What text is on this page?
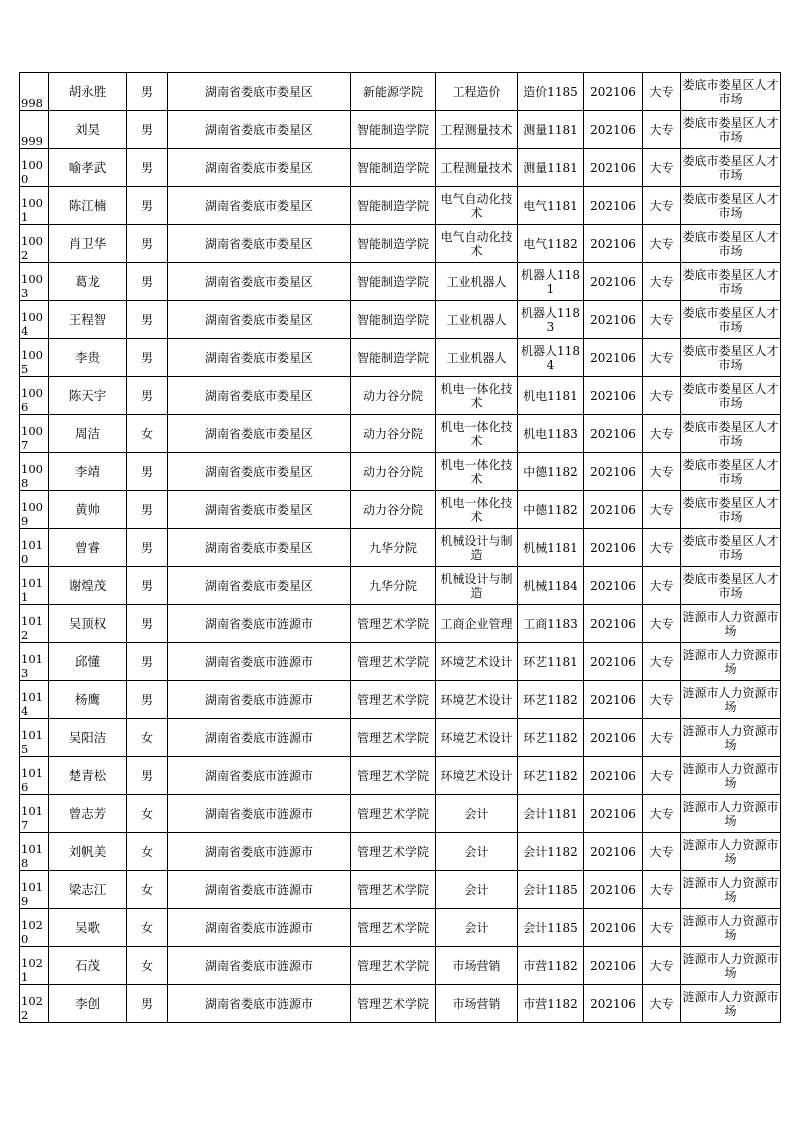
998	胡永胜	男	湖南省娄底市娄星区	新能源学院	工程造价	造价1185	202106	大专	娄底市娄星区人才市场
999	刘昊	男	湖南省娄底市娄星区	智能制造学院	工程测量技术	测量1181	202106	大专	娄底市娄星区人才市场
1000	喻孝武	男	湖南省娄底市娄星区	智能制造学院	工程测量技术	测量1181	202106	大专	娄底市娄星区人才市场
1001	陈江楠	男	湖南省娄底市娄星区	智能制造学院	电气自动化技术	电气1181	202106	大专	娄底市娄星区人才市场
1002	肖卫华	男	湖南省娄底市娄星区	智能制造学院	电气自动化技术	电气1182	202106	大专	娄底市娄星区人才市场
1003	葛龙	男	湖南省娄底市娄星区	智能制造学院	工业机器人	机器人1181	202106	大专	娄底市娄星区人才市场
1004	王程智	男	湖南省娄底市娄星区	智能制造学院	工业机器人	机器人1183	202106	大专	娄底市娄星区人才市场
1005	李贵	男	湖南省娄底市娄星区	智能制造学院	工业机器人	机器人1184	202106	大专	娄底市娄星区人才市场
1006	陈天宇	男	湖南省娄底市娄星区	动力谷分院	机电一体化技术	机电1181	202106	大专	娄底市娄星区人才市场
1007	周洁	女	湖南省娄底市娄星区	动力谷分院	机电一体化技术	机电1183	202106	大专	娄底市娄星区人才市场
1008	李靖	男	湖南省娄底市娄星区	动力谷分院	机电一体化技术	中德1182	202106	大专	娄底市娄星区人才市场
1009	黄帅	男	湖南省娄底市娄星区	动力谷分院	机电一体化技术	中德1182	202106	大专	娄底市娄星区人才市场
1010	曾睿	男	湖南省娄底市娄星区	九华分院	机械设计与制造	机械1181	202106	大专	娄底市娄星区人才市场
1011	谢煌茂	男	湖南省娄底市娄星区	九华分院	机械设计与制造	机械1184	202106	大专	娄底市娄星区人才市场
1012	吴顶权	男	湖南省娄底市涟源市	管理艺术学院	工商企业管理	工商1183	202106	大专	涟源市人力资源市场
1013	邱懂	男	湖南省娄底市涟源市	管理艺术学院	环境艺术设计	环艺1181	202106	大专	涟源市人力资源市场
1014	杨鹰	男	湖南省娄底市涟源市	管理艺术学院	环境艺术设计	环艺1182	202106	大专	涟源市人力资源市场
1015	吴阳洁	女	湖南省娄底市涟源市	管理艺术学院	环境艺术设计	环艺1182	202106	大专	涟源市人力资源市场
1016	楚青松	男	湖南省娄底市涟源市	管理艺术学院	环境艺术设计	环艺1182	202106	大专	涟源市人力资源市场
1017	曾志芳	女	湖南省娄底市涟源市	管理艺术学院	会计	会计1181	202106	大专	涟源市人力资源市场
1018	刘帆美	女	湖南省娄底市涟源市	管理艺术学院	会计	会计1182	202106	大专	涟源市人力资源市场
1019	梁志江	女	湖南省娄底市涟源市	管理艺术学院	会计	会计1185	202106	大专	涟源市人力资源市场
1020	吴歌	女	湖南省娄底市涟源市	管理艺术学院	会计	会计1185	202106	大专	涟源市人力资源市场
1021	石茂	女	湖南省娄底市涟源市	管理艺术学院	市场营销	市营1182	202106	大专	涟源市人力资源市场
1022	李创	男	湖南省娄底市涟源市	管理艺术学院	市场营销	市营1182	202106	大专	涟源市人力资源市场
